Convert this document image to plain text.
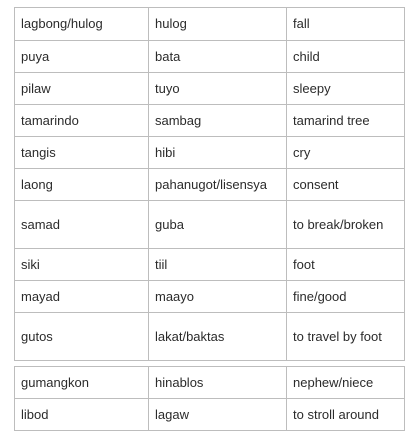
lagbong/hulog	hulog	fall
puya	bata	child
pilaw	tuyo	sleepy
tamarindo	sambag	tamarind tree
tangis	hibi	cry
laong	pahanugot/lisensya	consent
samad	guba	to break/broken
siki	tiil	foot
mayad	maayo	fine/good
gutos	lakat/baktas	to travel by foot
gumangkon	hinablos	nephew/niece
libod	lagaw	to stroll around
